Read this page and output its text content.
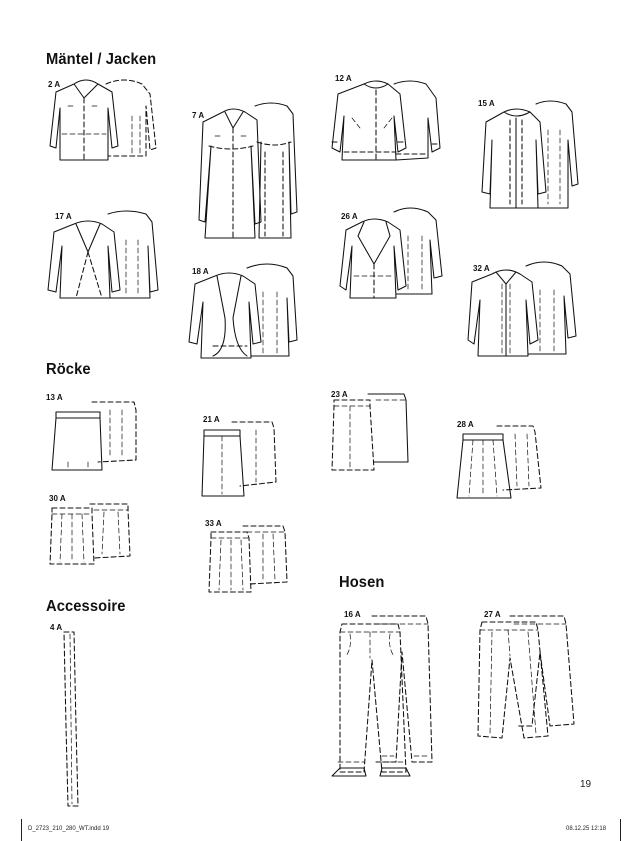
Mäntel / Jacken
Röcke
Accessoire
Hosen
2 A
7 A
12 A
15 A
17 A
18 A
26 A
32 A
13 A
21 A
23 A
28 A
30 A
33 A
4 A
16 A	27 A
19
D_2723_210_280_WT.indd 19	08.12.25 12:18
